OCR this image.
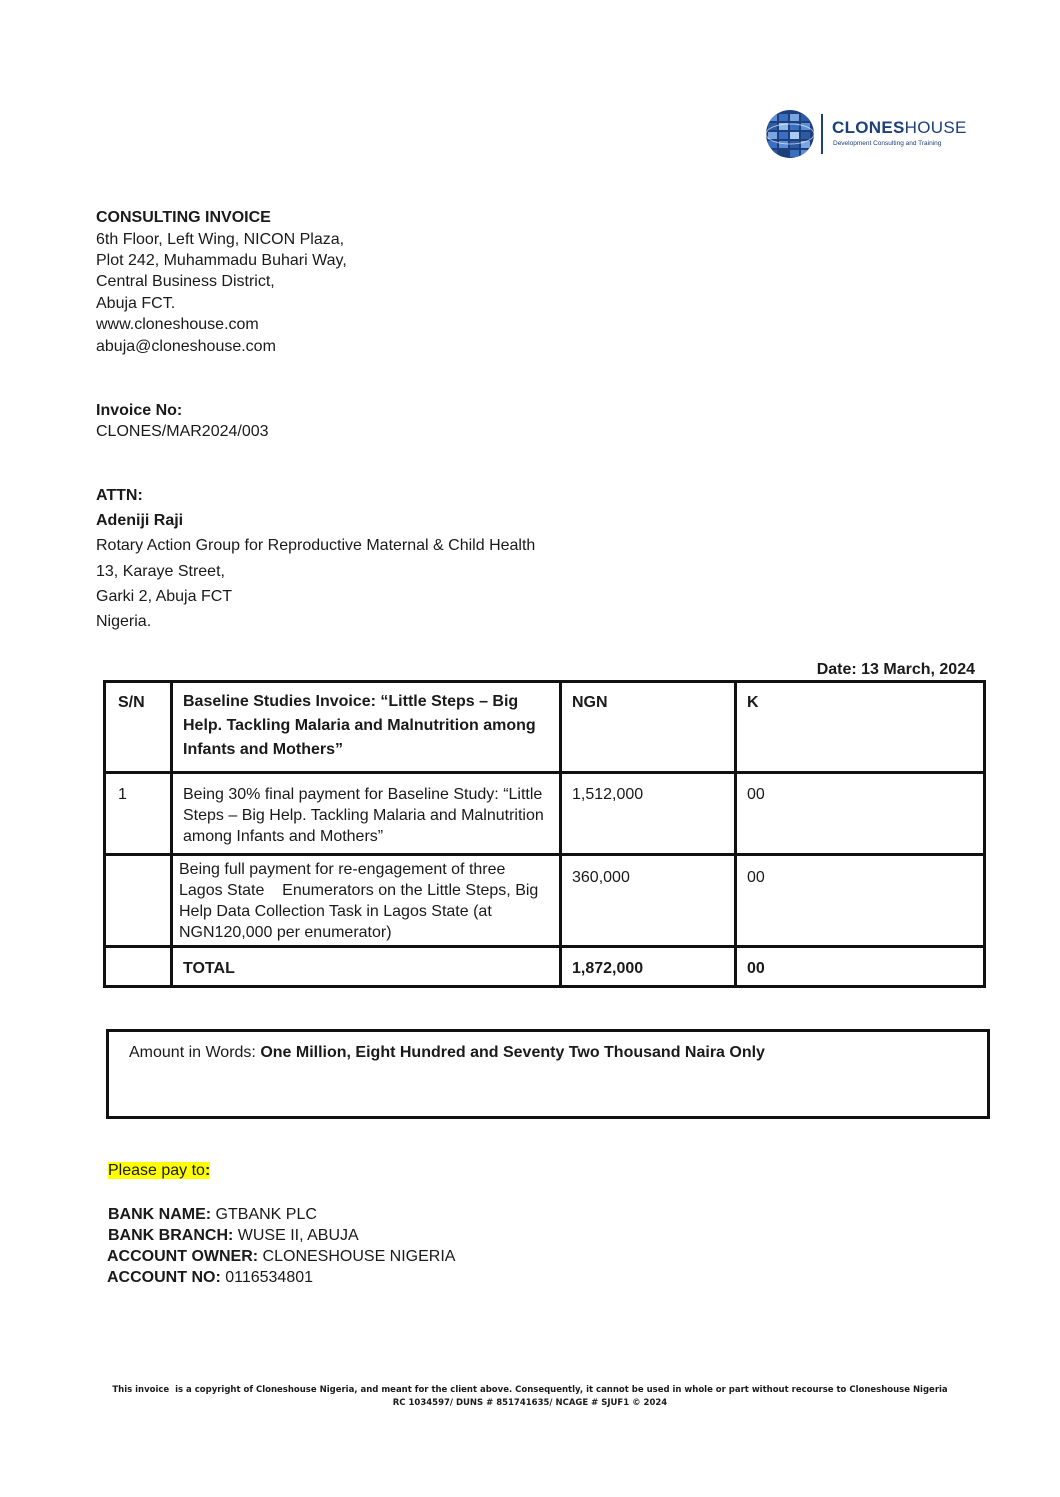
CLONESHOUSE
Development Consulting and Training
CONSULTING INVOICE
6th Floor, Left Wing, NICON Plaza,
Plot 242, Muhammadu Buhari Way,
Central Business District,
Abuja FCT.
www.cloneshouse.com
abuja@cloneshouse.com
Invoice No:
CLONES/MAR2024/003
ATTN:
Adeniji Raji
Rotary Action Group for Reproductive Maternal & Child Health
13, Karaye Street,
Garki 2, Abuja FCT
Nigeria.
Date: 13 March, 2024
S/N	Baseline Studies Invoice: “Little Steps – Big Help. Tackling Malaria and Malnutrition among Infants and Mothers”	NGN	K

1	Being 30% final payment for Baseline Study: “Little Steps – Big Help. Tackling Malaria and Malnutrition among Infants and Mothers”	1,512,000	00

	Being full payment for re-engagement of three Lagos State    Enumerators on the Little Steps, Big Help Data Collection Task in Lagos State (at NGN120,000 per enumerator)	360,000	00

	TOTAL	1,872,000	00
Amount in Words: One Million, Eight Hundred and Seventy Two Thousand Naira Only
Please pay to:
BANK NAME: GTBANK PLC
BANK BRANCH: WUSE II, ABUJA
ACCOUNT OWNER: CLONESHOUSE NIGERIA
ACCOUNT NO: 0116534801
This invoice  is a copyright of Cloneshouse Nigeria, and meant for the client above. Consequently, it cannot be used in whole or part without recourse to Cloneshouse Nigeria
RC 1034597/ DUNS # 851741635/ NCAGE # SJUF1 © 2024
